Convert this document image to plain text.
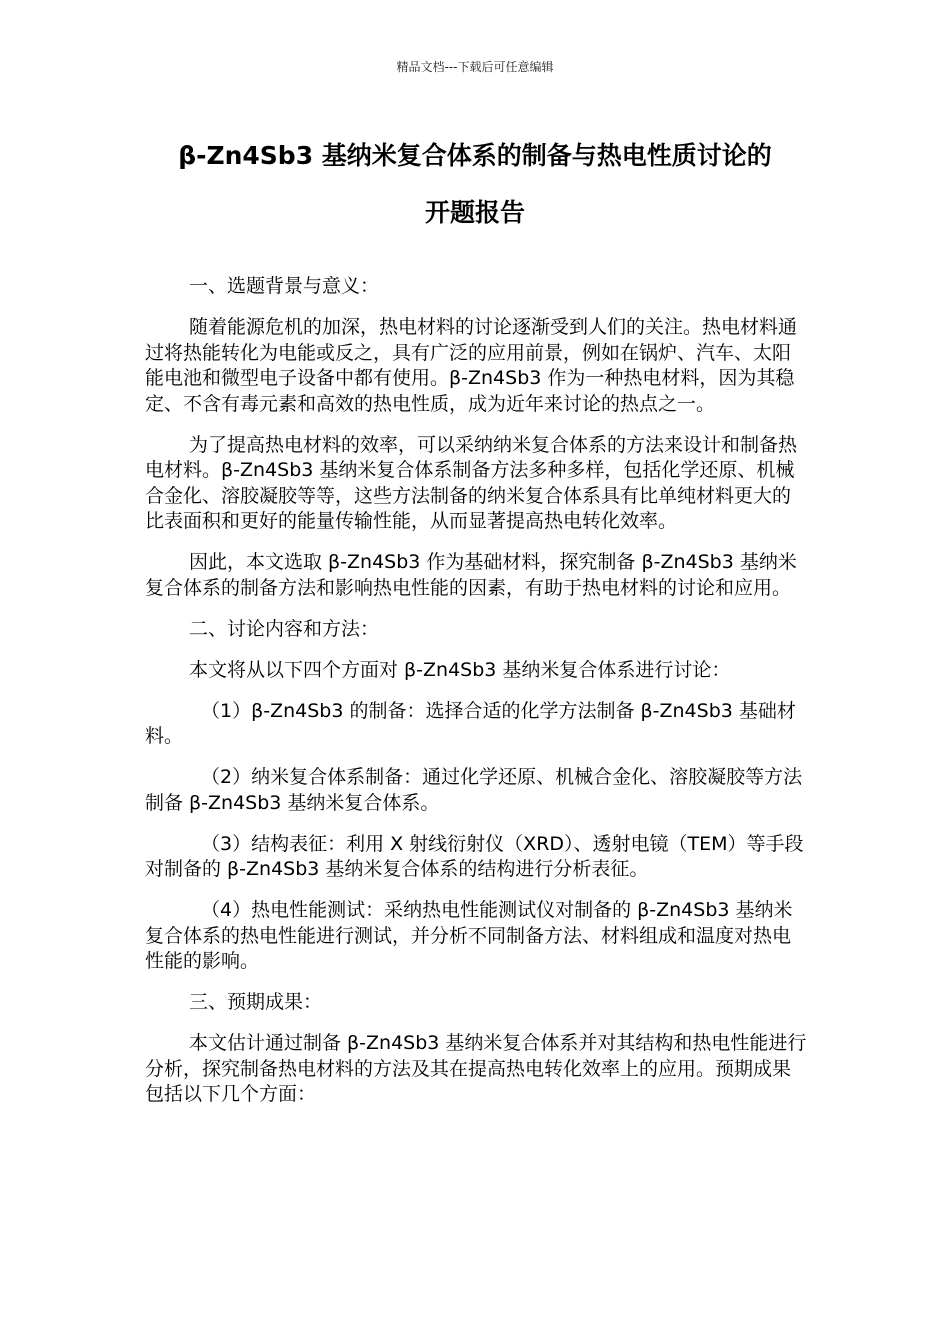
精品文档---下载后可任意编辑
β-Zn4Sb3 基纳米复合体系的制备与热电性质讨论的
开题报告

一、选题背景与意义：

随着能源危机的加深，热电材料的讨论逐渐受到人们的关注。热电材料通过将热能转化为电能或反之，具有广泛的应用前景，例如在锅炉、汽车、太阳能电池和微型电子设备中都有使用。β-Zn4Sb3 作为一种热电材料，因为其稳定、不含有毒元素和高效的热电性质，成为近年来讨论的热点之一。

为了提高热电材料的效率，可以采纳纳米复合体系的方法来设计和制备热电材料。β-Zn4Sb3 基纳米复合体系制备方法多种多样，包括化学还原、机械合金化、溶胶凝胶等等，这些方法制备的纳米复合体系具有比单纯材料更大的比表面积和更好的能量传输性能，从而显著提高热电转化效率。

因此，本文选取 β-Zn4Sb3 作为基础材料，探究制备 β-Zn4Sb3 基纳米复合体系的制备方法和影响热电性能的因素，有助于热电材料的讨论和应用。

二、讨论内容和方法：

本文将从以下四个方面对 β-Zn4Sb3 基纳米复合体系进行讨论：

（1）β-Zn4Sb3 的制备：选择合适的化学方法制备 β-Zn4Sb3 基础材料。

（2）纳米复合体系制备：通过化学还原、机械合金化、溶胶凝胶等方法制备 β-Zn4Sb3 基纳米复合体系。

（3）结构表征：利用 X 射线衍射仪（XRD）、透射电镜（TEM）等手段对制备的 β-Zn4Sb3 基纳米复合体系的结构进行分析表征。

（4）热电性能测试：采纳热电性能测试仪对制备的 β-Zn4Sb3 基纳米复合体系的热电性能进行测试，并分析不同制备方法、材料组成和温度对热电性能的影响。

三、预期成果：

本文估计通过制备 β-Zn4Sb3 基纳米复合体系并对其结构和热电性能进行分析，探究制备热电材料的方法及其在提高热电转化效率上的应用。预期成果包括以下几个方面：
